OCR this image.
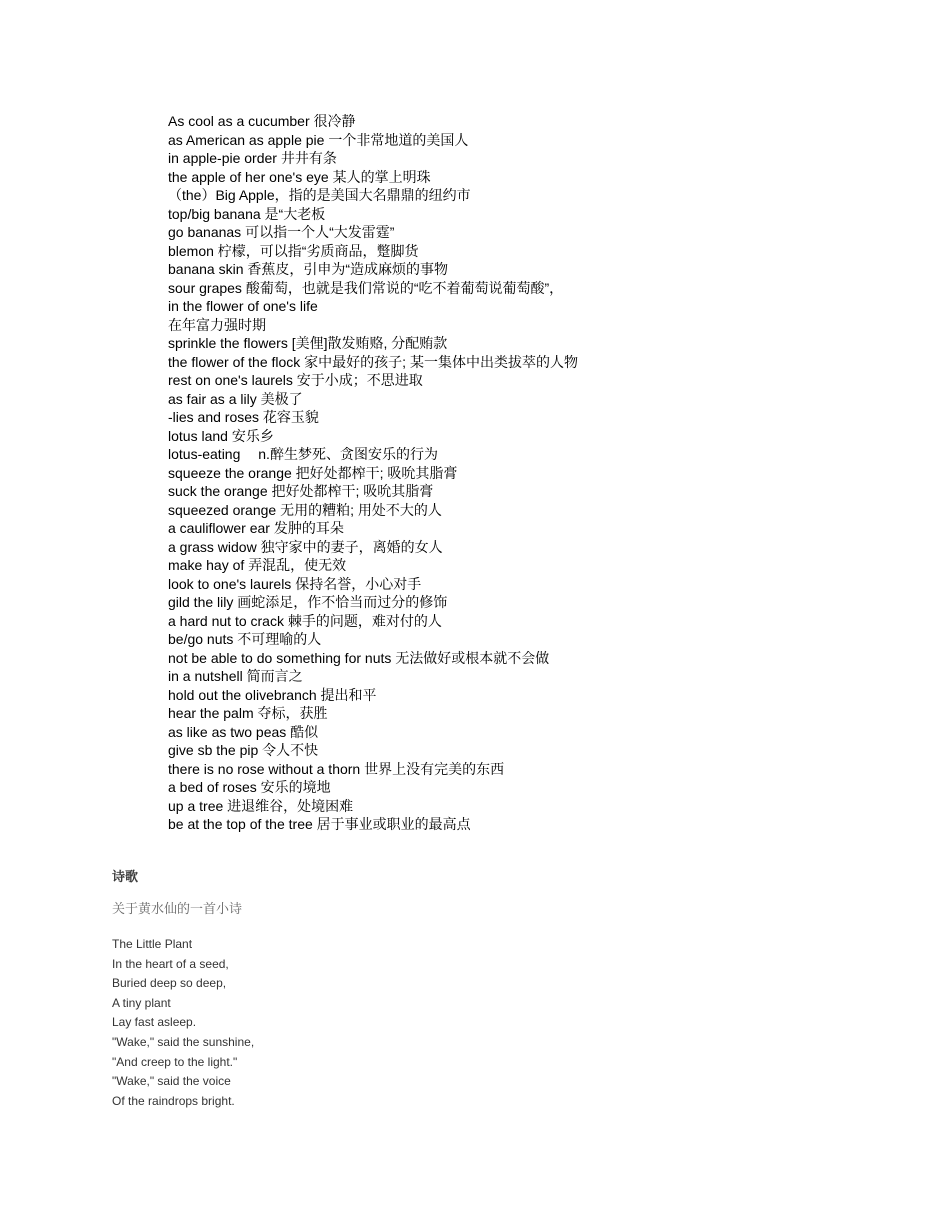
As cool as a cucumber 很冷静
as American as apple pie 一个非常地道的美国人
in apple-pie order 井井有条
the apple of her one's eye 某人的掌上明珠
（the）Big Apple，指的是美国大名鼎鼎的纽约市
top/big banana 是“大老板
go bananas 可以指一个人“大发雷霆”
blemon 柠檬，可以指“劣质商品，蹩脚货
banana skin 香蕉皮，引申为“造成麻烦的事物
sour grapes 酸葡萄，也就是我们常说的“吃不着葡萄说葡萄酸”，
in the flower of one's life
在年富力强时期
sprinkle the flowers [美俚]散发贿赂, 分配贿款
the flower of the flock 家中最好的孩子; 某一集体中出类拔萃的人物
rest on one's laurels 安于小成；不思进取
as fair as a lily 美极了
-lies and roses 花容玉貌
lotus land 安乐乡
lotus-eating　 n.醉生梦死、贪图安乐的行为
squeeze the orange 把好处都榨干; 吸吮其脂膏
suck the orange 把好处都榨干; 吸吮其脂膏
squeezed orange 无用的糟粕; 用处不大的人
a cauliflower ear 发肿的耳朵
a grass widow 独守家中的妻子，离婚的女人
make hay of 弄混乱，使无效
look to one's laurels 保持名誉，小心对手
gild the lily 画蛇添足，作不恰当而过分的修饰
a hard nut to crack 棘手的问题，难对付的人
be/go nuts 不可理喻的人
not be able to do something for nuts 无法做好或根本就不会做
in a nutshell 简而言之
hold out the olivebranch 提出和平
hear the palm 夺标，获胜
as like as two peas 酷似
give sb the pip 令人不快
there is no rose without a thorn 世界上没有完美的东西
a bed of roses 安乐的境地
up a tree 进退维谷，处境困难
be at the top of the tree 居于事业或职业的最高点
诗歌

关于黄水仙的一首小诗

The Little Plant
In the heart of a seed,
Buried deep so deep,
A tiny plant
Lay fast asleep.
"Wake," said the sunshine,
"And creep to the light."
"Wake," said the voice
Of the raindrops bright.
